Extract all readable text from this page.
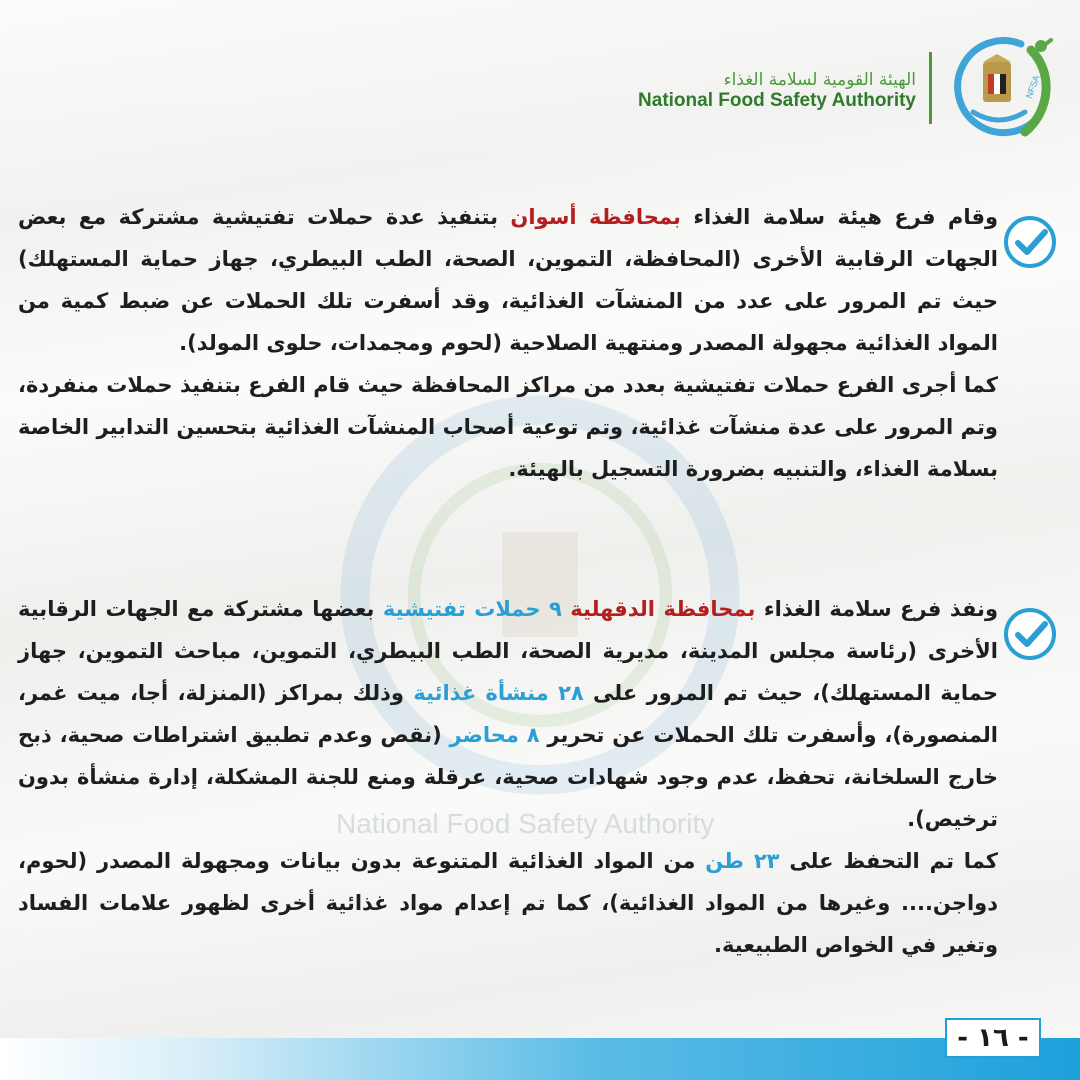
National Food Safety Authority
NFSA
الهيئة القومية لسلامة الغذاء
National Food Safety Authority

وقام فرع هيئة سلامة الغذاء بمحافظة أسوان بتنفيذ عدة حملات تفتيشية مشتركة مع بعض الجهات الرقابية الأخرى (المحافظة، التموين، الصحة، الطب البيطري، جهاز حماية المستهلك) حيث تم المرور على عدد من المنشآت الغذائية، وقد أسفرت تلك الحملات عن ضبط كمية من المواد الغذائية مجهولة المصدر ومنتهية الصلاحية (لحوم ومجمدات، حلوى المولد).

كما أجرى الفرع حملات تفتيشية بعدد من مراكز المحافظة حيث قام الفرع بتنفيذ حملات منفردة، وتم المرور على عدة منشآت غذائية، وتم توعية أصحاب المنشآت الغذائية بتحسين التدابير الخاصة بسلامة الغذاء، والتنبيه بضرورة التسجيل بالهيئة.

ونفذ فرع سلامة الغذاء بمحافظة الدقهلية ٩ حملات تفتيشية بعضها مشتركة مع الجهات الرقابية الأخرى (رئاسة مجلس المدينة، مديرية الصحة، الطب البيطري، التموين، مباحث التموين، جهاز حماية المستهلك)، حيث تم المرور على ٢٨ منشأة غذائية وذلك بمراكز (المنزلة، أجا، ميت غمر، المنصورة)، وأسفرت تلك الحملات عن تحرير ٨ محاضر (نقص وعدم تطبيق اشتراطات صحية، ذبح خارج السلخانة، تحفظ، عدم وجود شهادات صحية، عرقلة ومنع للجنة المشكلة، إدارة منشأة بدون ترخيص).

كما تم التحفظ على ٢٣ طن من المواد الغذائية المتنوعة بدون بيانات ومجهولة المصدر (لحوم، دواجن.... وغيرها من المواد الغذائية)، كما تم إعدام مواد غذائية أخرى لظهور علامات الفساد وتغير في الخواص الطبيعية.

- ١٦ -
